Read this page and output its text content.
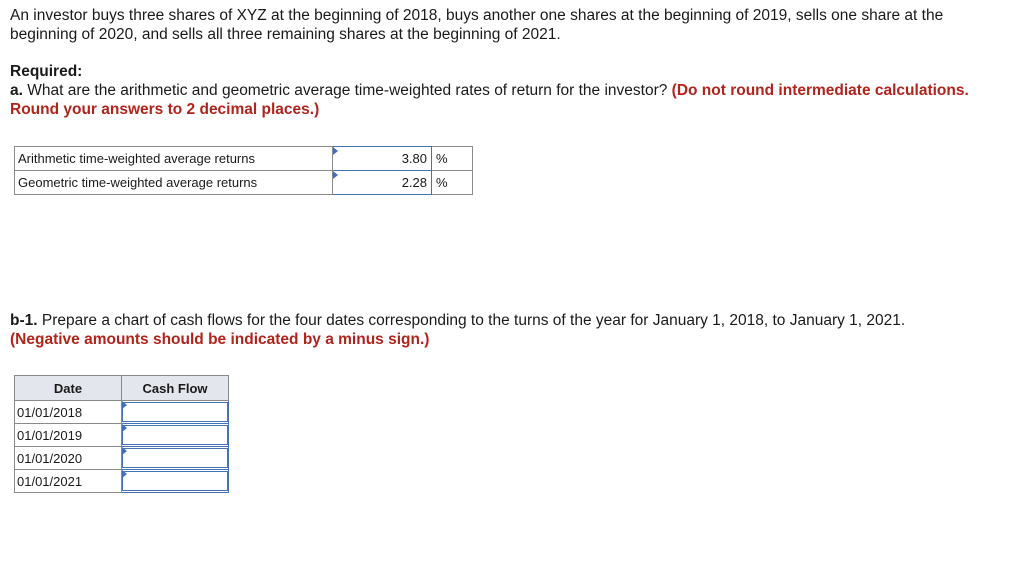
An investor buys three shares of XYZ at the beginning of 2018, buys another one shares at the beginning of 2019, sells one share at the beginning of 2020, and sells all three remaining shares at the beginning of 2021.
Required:
a. What are the arithmetic and geometric average time-weighted rates of return for the investor? (Do not round intermediate calculations. Round your answers to 2 decimal places.)
Arithmetic time-weighted average returns	3.80	%
Geometric time-weighted average returns	2.28	%
b-1. Prepare a chart of cash flows for the four dates corresponding to the turns of the year for January 1, 2018, to January 1, 2021.
(Negative amounts should be indicated by a minus sign.)
Date	Cash Flow
01/01/2018	

01/01/2019	

01/01/2020	

01/01/2021	
